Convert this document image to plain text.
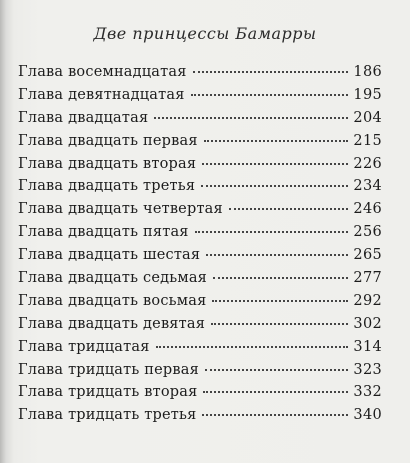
Две принцессы Бамарры
Глава восемнадцатая	186
Глава девятнадцатая	195
Глава двадцатая	204
Глава двадцать первая	215
Глава двадцать вторая	226
Глава двадцать третья	234
Глава двадцать четвертая	246
Глава двадцать пятая	256
Глава двадцать шестая	265
Глава двадцать седьмая	277
Глава двадцать восьмая	292
Глава двадцать девятая	302
Глава тридцатая	314
Глава тридцать первая	323
Глава тридцать вторая	332
Глава тридцать третья	340
